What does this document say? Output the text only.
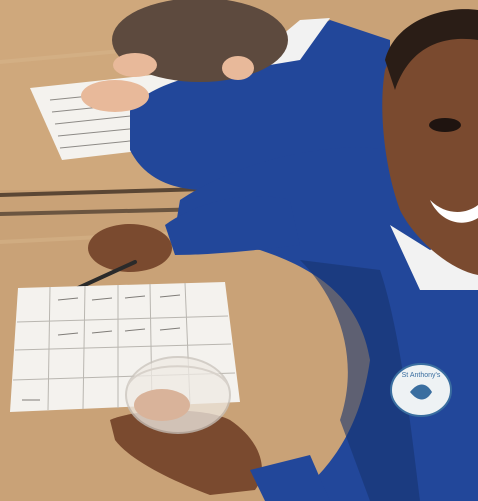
St Anthony's
